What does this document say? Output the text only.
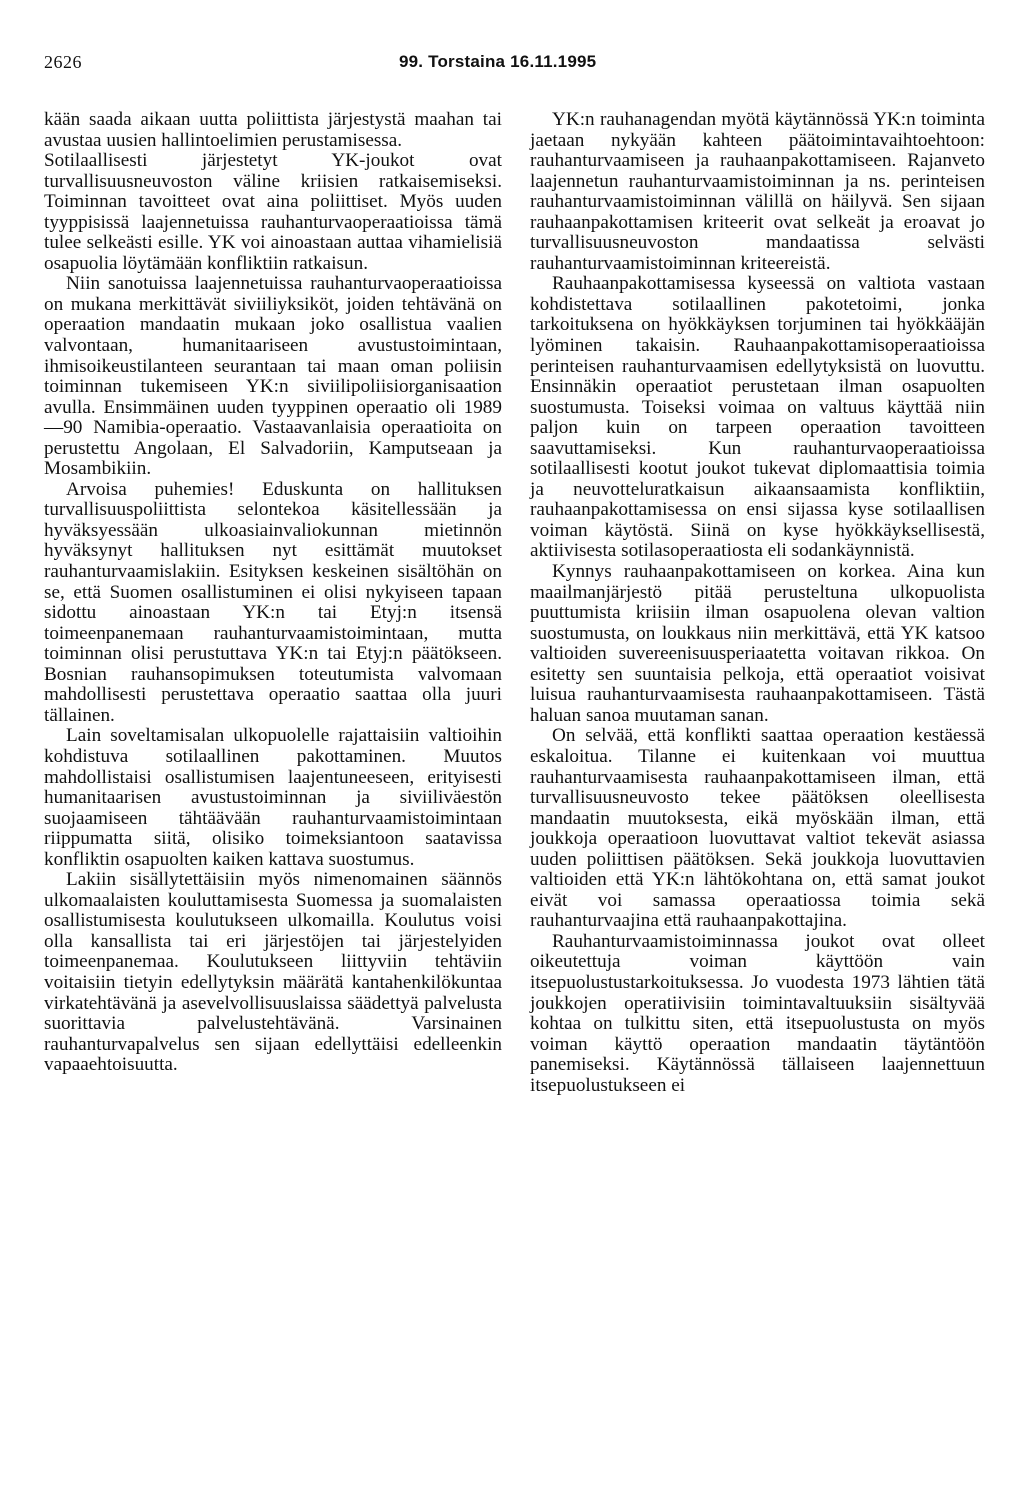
2626	99. Torstaina 16.11.1995

kään saada aikaan uutta poliittista järjestystä maahan tai avustaa uusien hallintoelimien perustamisessa.

Sotilaallisesti järjestetyt YK-joukot ovat turvallisuusneuvoston väline kriisien ratkaisemiseksi. Toiminnan tavoitteet ovat aina poliittiset. Myös uuden tyyppisissä laajennetuissa rauhanturvaoperaatioissa tämä tulee selkeästi esille. YK voi ainoastaan auttaa vihamielisiä osapuolia löytämään konfliktiin ratkaisun.

Niin sanotuissa laajennetuissa rauhanturvaoperaatioissa on mukana merkittävät siviiliyksiköt, joiden tehtävänä on operaation mandaatin mukaan joko osallistua vaalien valvontaan, humanitaariseen avustustoimintaan, ihmisoikeustilanteen seurantaan tai maan oman poliisin toiminnan tukemiseen YK:n siviilipoliisiorganisaation avulla. Ensimmäinen uuden tyyppinen operaatio oli 1989—90 Namibia-operaatio. Vastaavanlaisia operaatioita on perustettu Angolaan, El Salvadoriin, Kamputseaan ja Mosambikiin.

Arvoisa puhemies! Eduskunta on hallituksen turvallisuuspoliittista selontekoa käsitellessään ja hyväksyessään ulkoasiainvaliokunnan mietinnön hyväksynyt hallituksen nyt esittämät muutokset rauhanturvaamislakiin. Esityksen keskeinen sisältöhän on se, että Suomen osallistuminen ei olisi nykyiseen tapaan sidottu ainoastaan YK:n tai Etyj:n itsensä toimeenpanemaan rauhanturvaamistoimintaan, mutta toiminnan olisi perustuttava YK:n tai Etyj:n päätökseen. Bosnian rauhansopimuksen toteutumista valvomaan mahdollisesti perustettava operaatio saattaa olla juuri tällainen.

Lain soveltamisalan ulkopuolelle rajattaisiin valtioihin kohdistuva sotilaallinen pakottaminen. Muutos mahdollistaisi osallistumisen laajentuneeseen, erityisesti humanitaarisen avustustoiminnan ja siviiliväestön suojaamiseen tähtäävään rauhanturvaamistoimintaan riippumatta siitä, olisiko toimeksiantoon saatavissa konfliktin osapuolten kaiken kattava suostumus.

Lakiin sisällytettäisiin myös nimenomainen säännös ulkomaalaisten kouluttamisesta Suomessa ja suomalaisten osallistumisesta koulutukseen ulkomailla. Koulutus voisi olla kansallista tai eri järjestöjen tai järjestelyiden toimeenpanemaa. Koulutukseen liittyviin tehtäviin voitaisiin tietyin edellytyksin määrätä kantahenkilökuntaa virkatehtävänä ja asevelvollisuuslaissa säädettyä palvelusta suorittavia palvelustehtävänä. Varsinainen rauhanturvapalvelus sen sijaan edellyttäisi edelleenkin vapaaehtoisuutta.

YK:n rauhanagendan myötä käytännössä YK:n toiminta jaetaan nykyään kahteen päätoimintavaihtoehtoon: rauhanturvaamiseen ja rauhaanpakottamiseen. Rajanveto laajennetun rauhanturvaamistoiminnan ja ns. perinteisen rauhanturvaamistoiminnan välillä on häilyvä. Sen sijaan rauhaanpakottamisen kriteerit ovat selkeät ja eroavat jo turvallisuusneuvoston mandaatissa selvästi rauhanturvaamistoiminnan kriteereistä.

Rauhaanpakottamisessa kyseessä on valtiota vastaan kohdistettava sotilaallinen pakotetoimi, jonka tarkoituksena on hyökkäyksen torjuminen tai hyökkääjän lyöminen takaisin. Rauhaanpakottamisoperaatioissa perinteisen rauhanturvaamisen edellytyksistä on luovuttu. Ensinnäkin operaatiot perustetaan ilman osapuolten suostumusta. Toiseksi voimaa on valtuus käyttää niin paljon kuin on tarpeen operaation tavoitteen saavuttamiseksi. Kun rauhanturvaoperaatioissa sotilaallisesti kootut joukot tukevat diplomaattisia toimia ja neuvotteluratkaisun aikaansaamista konfliktiin, rauhaanpakottamisessa on ensi sijassa kyse sotilaallisen voiman käytöstä. Siinä on kyse hyökkäyksellisestä, aktiivisesta sotilasoperaatiosta eli sodankäynnistä.

Kynnys rauhaanpakottamiseen on korkea. Aina kun maailmanjärjestö pitää perusteltuna ulkopuolista puuttumista kriisiin ilman osapuolena olevan valtion suostumusta, on loukkaus niin merkittävä, että YK katsoo valtioiden suvereenisuusperiaatetta voitavan rikkoa. On esitetty sen suuntaisia pelkoja, että operaatiot voisivat luisua rauhanturvaamisesta rauhaanpakottamiseen. Tästä haluan sanoa muutaman sanan.

On selvää, että konflikti saattaa operaation kestäessä eskaloitua. Tilanne ei kuitenkaan voi muuttua rauhanturvaamisesta rauhaanpakottamiseen ilman, että turvallisuusneuvosto tekee päätöksen oleellisesta mandaatin muutoksesta, eikä myöskään ilman, että joukkoja operaatioon luovuttavat valtiot tekevät asiassa uuden poliittisen päätöksen. Sekä joukkoja luovuttavien valtioiden että YK:n lähtökohtana on, että samat joukot eivät voi samassa operaatiossa toimia sekä rauhanturvaajina että rauhaanpakottajina.

Rauhanturvaamistoiminnassa joukot ovat olleet oikeutettuja voiman käyttöön vain itsepuolustustarkoituksessa. Jo vuodesta 1973 lähtien tätä joukkojen operatiivisiin toimintavaltuuksiin sisältyvää kohtaa on tulkittu siten, että itsepuolustusta on myös voiman käyttö operaation mandaatin täytäntöön panemiseksi. Käytännössä tällaiseen laajennettuun itsepuolustukseen ei
